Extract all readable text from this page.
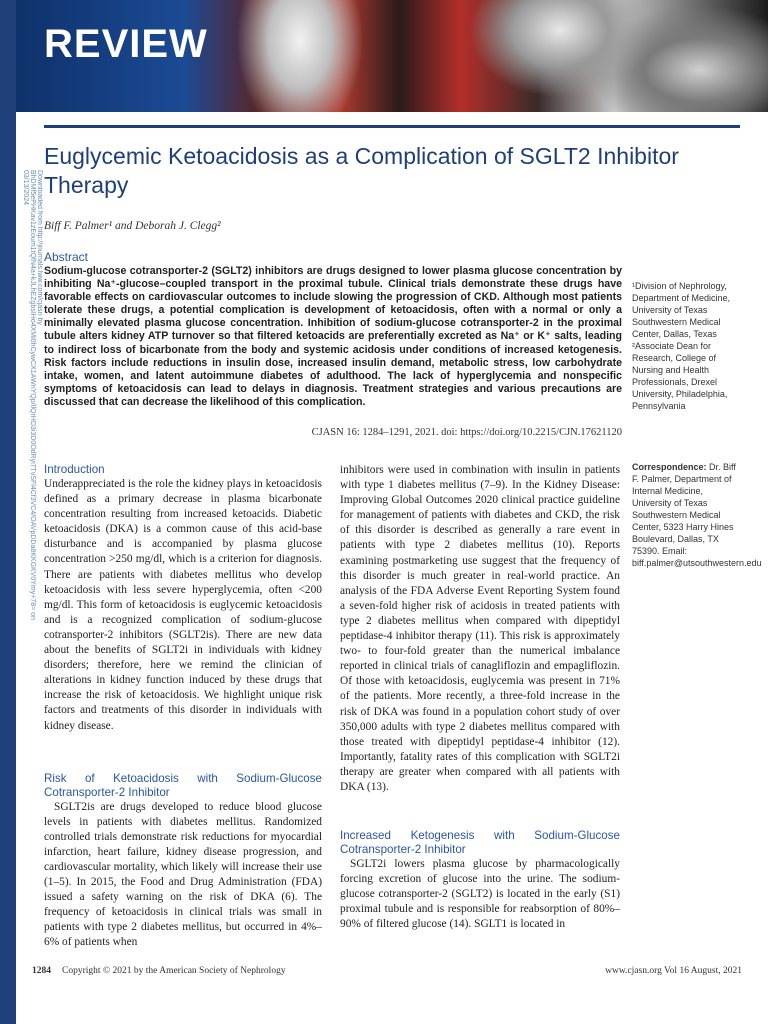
REVIEW
Downloaded from http://journals.lww.com/cjasn by BhDMf5ePHKav1zEoum1tQfN4a+kJLhEZgbsIHo4XMi0hCywCX1AWnYQp/IlQrHD3i3D0OdRyi7TvSFl4Cf3VC4/OAVpDDa8KKGKV0Ymy+78= on 03/13/2024
Euglycemic Ketoacidosis as a Complication of SGLT2 Inhibitor Therapy
Biff F. Palmer¹ and Deborah J. Clegg²
Abstract
Sodium-glucose cotransporter-2 (SGLT2) inhibitors are drugs designed to lower plasma glucose concentration by inhibiting Na⁺-glucose–coupled transport in the proximal tubule. Clinical trials demonstrate these drugs have favorable effects on cardiovascular outcomes to include slowing the progression of CKD. Although most patients tolerate these drugs, a potential complication is development of ketoacidosis, often with a normal or only a minimally elevated plasma glucose concentration. Inhibition of sodium-glucose cotransporter-2 in the proximal tubule alters kidney ATP turnover so that filtered ketoacids are preferentially excreted as Na⁺ or K⁺ salts, leading to indirect loss of bicarbonate from the body and systemic acidosis under conditions of increased ketogenesis. Risk factors include reductions in insulin dose, increased insulin demand, metabolic stress, low carbohydrate intake, women, and latent autoimmune diabetes of adulthood. The lack of hyperglycemia and nonspecific symptoms of ketoacidosis can lead to delays in diagnosis. Treatment strategies and various precautions are discussed that can decrease the likelihood of this complication.
CJASN 16: 1284–1291, 2021. doi: https://doi.org/10.2215/CJN.17621120
¹Division of Nephrology, Department of Medicine, University of Texas Southwestern Medical Center, Dallas, Texas
²Associate Dean for Research, College of Nursing and Health Professionals, Drexel University, Philadelphia, Pennsylvania
Correspondence: Dr. Biff F. Palmer, Department of Internal Medicine, University of Texas Southwestern Medical Center, 5323 Harry Hines Boulevard, Dallas, TX 75390. Email: biff.palmer@utsouthwestern.edu

Introduction

Underappreciated is the role the kidney plays in ketoacidosis defined as a primary decrease in plasma bicarbonate concentration resulting from increased ketoacids. Diabetic ketoacidosis (DKA) is a common cause of this acid-base disturbance and is accompanied by plasma glucose concentration >250 mg/dl, which is a criterion for diagnosis. There are patients with diabetes mellitus who develop ketoacidosis with less severe hyperglycemia, often <200 mg/dl. This form of ketoacidosis is euglycemic ketoacidosis and is a recognized complication of sodium-glucose cotransporter-2 inhibitors (SGLT2is). There are new data about the benefits of SGLT2i in individuals with kidney disorders; therefore, here we remind the clinician of alterations in kidney function induced by these drugs that increase the risk of ketoacidosis. We highlight unique risk factors and treatments of this disorder in individuals with kidney disease.

Risk of Ketoacidosis with Sodium-Glucose Cotransporter-2 Inhibitor

SGLT2is are drugs developed to reduce blood glucose levels in patients with diabetes mellitus. Randomized controlled trials demonstrate risk reductions for myocardial infarction, heart failure, kidney disease progression, and cardiovascular mortality, which likely will increase their use (1–5). In 2015, the Food and Drug Administration (FDA) issued a safety warning on the risk of DKA (6). The frequency of ketoacidosis in clinical trials was small in patients with type 2 diabetes mellitus, but occurred in 4%–6% of patients when

inhibitors were used in combination with insulin in patients with type 1 diabetes mellitus (7–9). In the Kidney Disease: Improving Global Outcomes 2020 clinical practice guideline for management of patients with diabetes and CKD, the risk of this disorder is described as generally a rare event in patients with type 2 diabetes mellitus (10). Reports examining postmarketing use suggest that the frequency of this disorder is much greater in real-world practice. An analysis of the FDA Adverse Event Reporting System found a seven-fold higher risk of acidosis in treated patients with type 2 diabetes mellitus when compared with dipeptidyl peptidase-4 inhibitor therapy (11). This risk is approximately two- to four-fold greater than the numerical imbalance reported in clinical trials of canagliflozin and empagliflozin. Of those with ketoacidosis, euglycemia was present in 71% of the patients. More recently, a three-fold increase in the risk of DKA was found in a population cohort study of over 350,000 adults with type 2 diabetes mellitus compared with those treated with dipeptidyl peptidase-4 inhibitor (12). Importantly, fatality rates of this complication with SGLT2i therapy are greater when compared with all patients with DKA (13).

Increased Ketogenesis with Sodium-Glucose Cotransporter-2 Inhibitor

SGLT2i lowers plasma glucose by pharmacologically forcing excretion of glucose into the urine. The sodium-glucose cotransporter-2 (SGLT2) is located in the early (S1) proximal tubule and is responsible for reabsorption of 80%–90% of filtered glucose (14). SGLT1 is located in

1284 Copyright © 2021 by the American Society of Nephrology	www.cjasn.org Vol 16 August, 2021
